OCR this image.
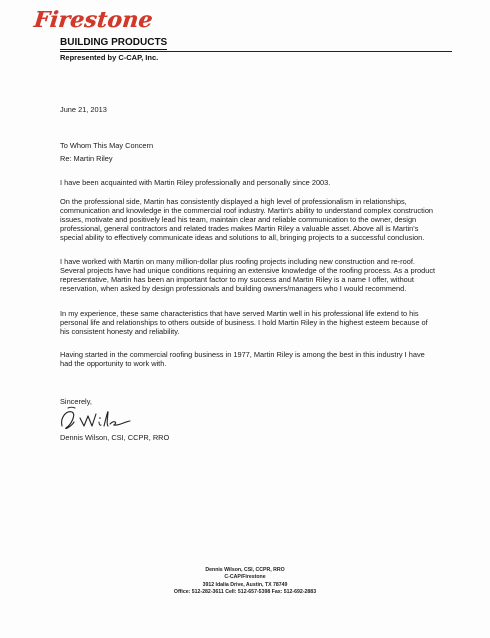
Firestone
BUILDING PRODUCTS
Represented by C-CAP, Inc.

June 21, 2013

To Whom This May Concern

Re: Martin Riley

I have been acquainted with Martin Riley professionally and personally since 2003.

On the professional side, Martin has consistently displayed a high level of professionalism in relationships, communication and knowledge in the commercial roof industry. Martin's ability to understand complex construction issues, motivate and positively lead his team, maintain clear and reliable communication to the owner, design professional, general contractors and related trades makes Martin Riley a valuable asset. Above all is Martin's special ability to effectively communicate ideas and solutions to all, bringing projects to a successful conclusion.

I have worked with Martin on many million-dollar plus roofing projects including new construction and re-roof. Several projects have had unique conditions requiring an extensive knowledge of the roofing process. As a product representative, Martin has been an important factor to my success and Martin Riley is a name I offer, without reservation, when asked by design professionals and building owners/managers who I would recommend.

In my experience, these same characteristics that have served Martin well in his professional life extend to his personal life and relationships to others outside of business. I hold Martin Riley in the highest esteem because of his consistent honesty and reliability.

Having started in the commercial roofing business in 1977, Martin Riley is among the best in this industry I have had the opportunity to work with.

Sincerely,

Dennis Wilson, CSI, CCPR, RRO

Dennis Wilson, CSI, CCPR, RRO
C-CAP/Firestone
3912 Idalia Drive, Austin, TX 78749
Office: 512-282-3611 Cell: 512-657-5398 Fax: 512-692-2883
